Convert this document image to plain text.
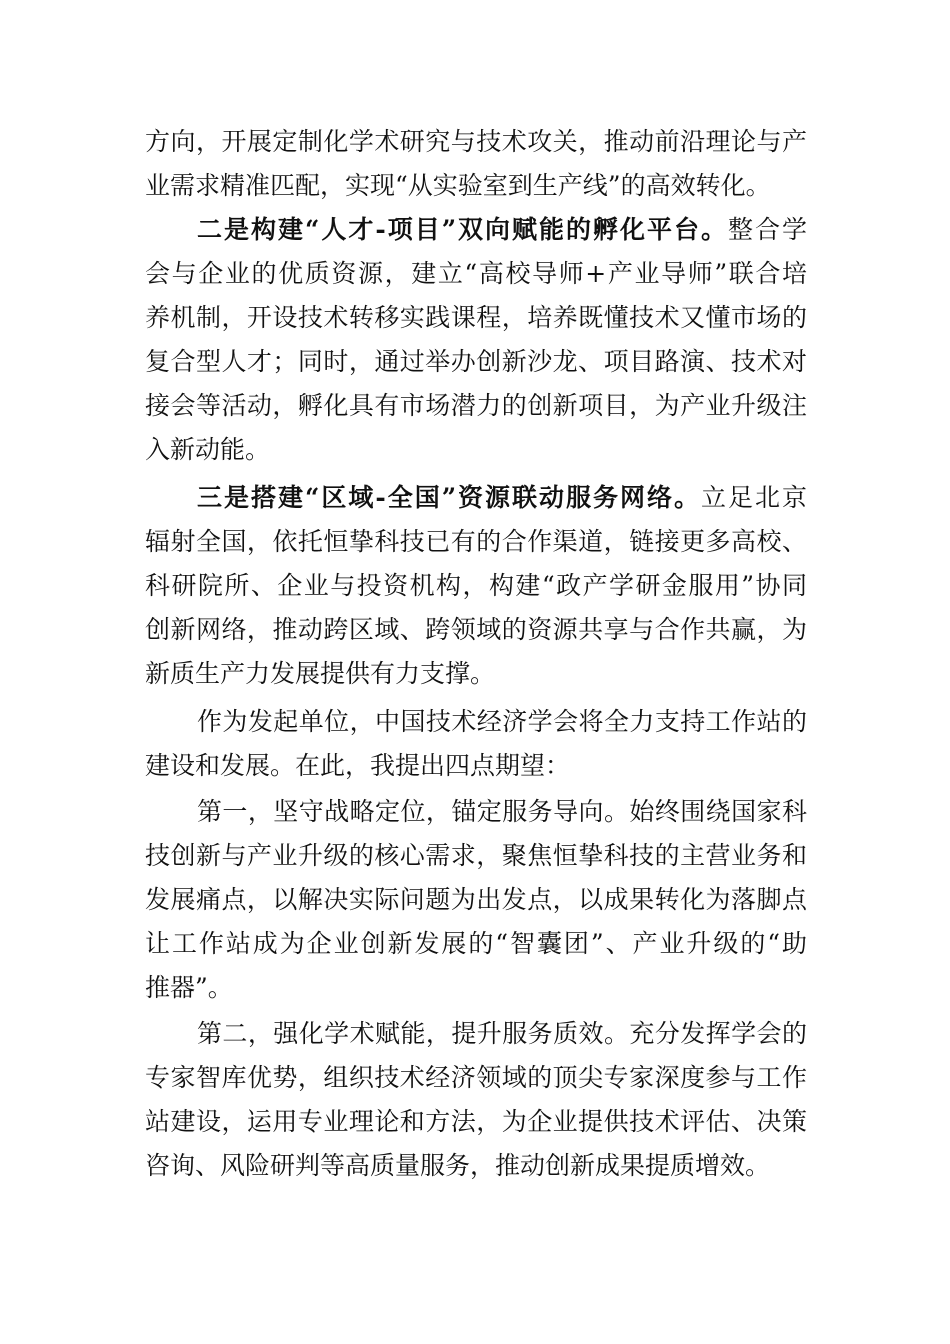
方向，开展定制化学术研究与技术攻关，推动前沿理论与产
业需求精准匹配，实现“从实验室到生产线”的高效转化。
二是构建“人才-项目”双向赋能的孵化平台。整合学
会与企业的优质资源，建立“高校导师+产业导师”联合培
养机制，开设技术转移实践课程，培养既懂技术又懂市场的
复合型人才；同时，通过举办创新沙龙、项目路演、技术对
接会等活动，孵化具有市场潜力的创新项目，为产业升级注
入新动能。
三是搭建“区域-全国”资源联动服务网络。立足北京
辐射全国，依托恒挚科技已有的合作渠道，链接更多高校、
科研院所、企业与投资机构，构建“政产学研金服用”协同
创新网络，推动跨区域、跨领域的资源共享与合作共赢，为
新质生产力发展提供有力支撑。
作为发起单位，中国技术经济学会将全力支持工作站的
建设和发展。在此，我提出四点期望：
第一，坚守战略定位，锚定服务导向。始终围绕国家科
技创新与产业升级的核心需求，聚焦恒挚科技的主营业务和
发展痛点，以解决实际问题为出发点，以成果转化为落脚点
让工作站成为企业创新发展的“智囊团”、产业升级的“助
推器”。
第二，强化学术赋能，提升服务质效。充分发挥学会的
专家智库优势，组织技术经济领域的顶尖专家深度参与工作
站建设，运用专业理论和方法，为企业提供技术评估、决策
咨询、风险研判等高质量服务，推动创新成果提质增效。
